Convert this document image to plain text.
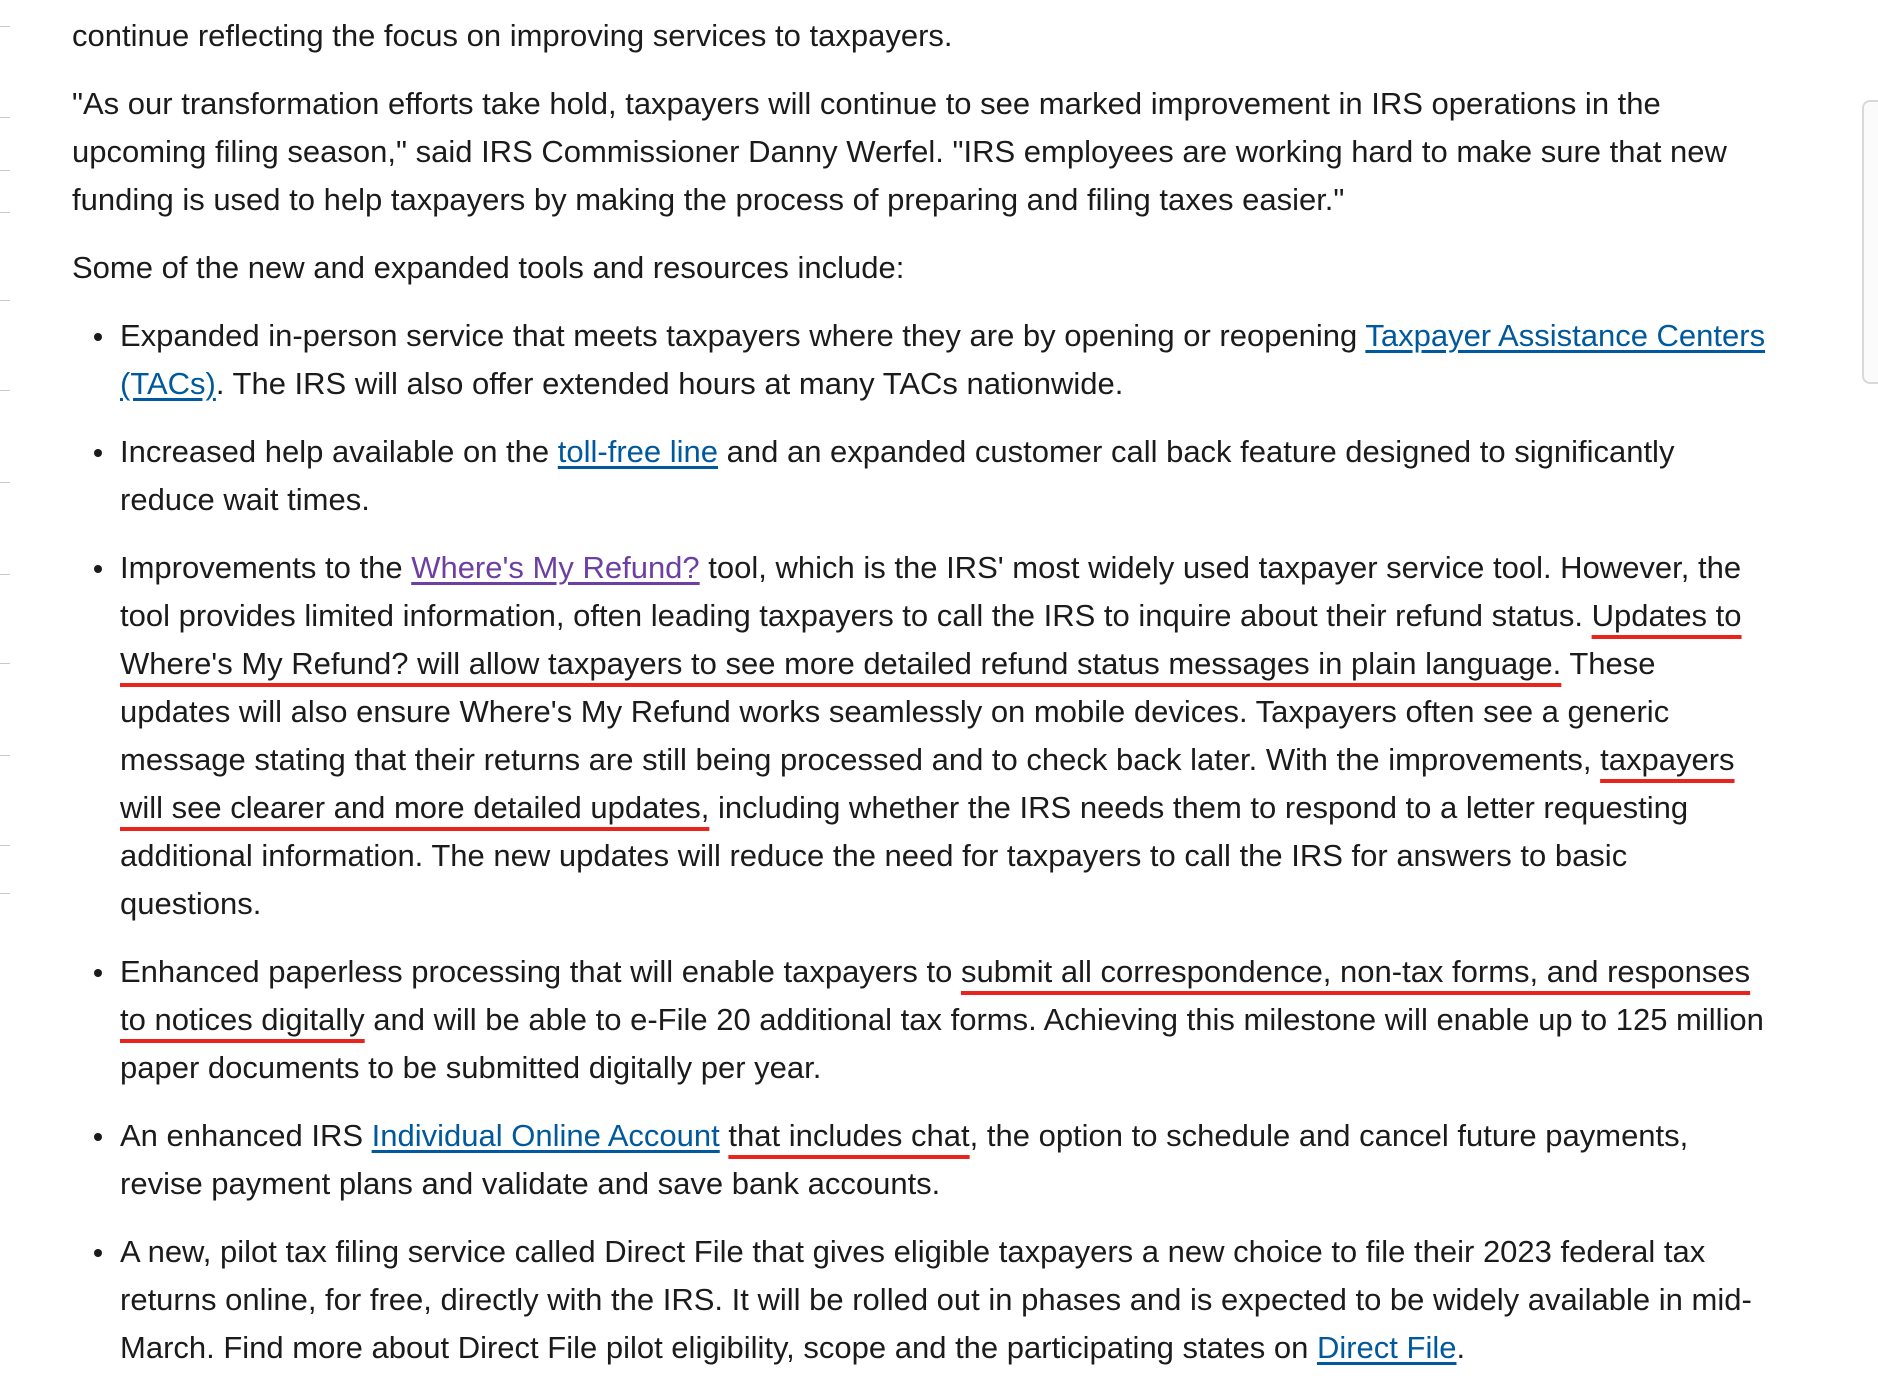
continue reflecting the focus on improving services to taxpayers.

"As our transformation efforts take hold, taxpayers will continue to see marked improvement in IRS operations in the upcoming filing season," said IRS Commissioner Danny Werfel. "IRS employees are working hard to make sure that new funding is used to help taxpayers by making the process of preparing and filing taxes easier."

Some of the new and expanded tools and resources include:

Expanded in-person service that meets taxpayers where they are by opening or reopening Taxpayer Assistance Centers (TACs). The IRS will also offer extended hours at many TACs nationwide.
Increased help available on the toll-free line and an expanded customer call back feature designed to significantly reduce wait times.
Improvements to the Where's My Refund? tool, which is the IRS' most widely used taxpayer service tool. However, the tool provides limited information, often leading taxpayers to call the IRS to inquire about their refund status. Updates to Where's My Refund? will allow taxpayers to see more detailed refund status messages in plain language. These updates will also ensure Where's My Refund works seamlessly on mobile devices. Taxpayers often see a generic message stating that their returns are still being processed and to check back later. With the improvements, taxpayers will see clearer and more detailed updates, including whether the IRS needs them to respond to a letter requesting additional information. The new updates will reduce the need for taxpayers to call the IRS for answers to basic questions.
Enhanced paperless processing that will enable taxpayers to submit all correspondence, non-tax forms, and responses to notices digitally and will be able to e-File 20 additional tax forms. Achieving this milestone will enable up to 125 million paper documents to be submitted digitally per year.
An enhanced IRS Individual Online Account that includes chat, the option to schedule and cancel future payments, revise payment plans and validate and save bank accounts.
A new, pilot tax filing service called Direct File that gives eligible taxpayers a new choice to file their 2023 federal tax returns online, for free, directly with the IRS. It will be rolled out in phases and is expected to be widely available in mid-March. Find more about Direct File pilot eligibility, scope and the participating states on Direct File.
